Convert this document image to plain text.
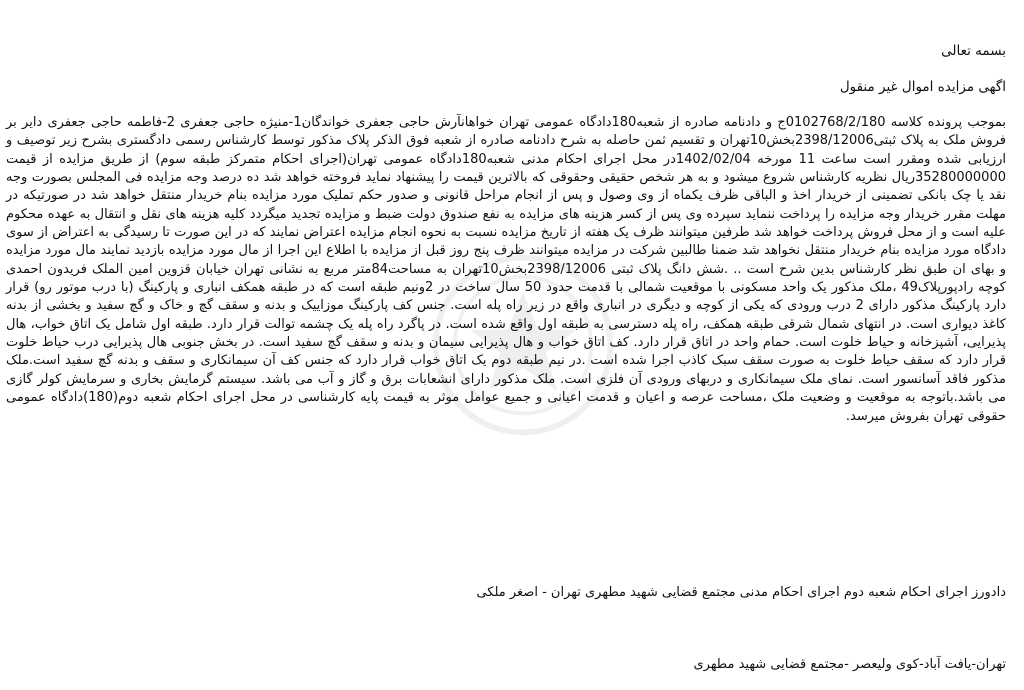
بسمه تعالی
اگهی مزایده اموال غیر منقول

بموجب پرونده کلاسه 0102768/2/180ج و دادنامه صادره از شعبه180دادگاه عمومی تهران خواهانآرش حاجی جعفری خواندگان1-منیژه حاجی جعفری 2-فاطمه حاجی جعفری دایر بر فروش ملک به پلاک ثبتی2398/12006بخش10تهران و تقسیم ثمن حاصله به شرح دادنامه صادره از شعبه فوق الذکر پلاک مذکور توسط کارشناس رسمی دادگستری بشرح زیر توصیف و ارزیابی شده ومقرر است ساعت 11 مورخه 1402/02/04در محل اجرای احکام مدنی شعبه180دادگاه عمومی تهران(اجرای احکام متمرکز طبقه سوم) از طریق مزایده از قیمت 35280000000ریال نظریه کارشناس شروع میشود و به هر شخص حقیقی وحقوقی که بالاترین قیمت را پیشنهاد نماید فروخته خواهد شد ده درصد وجه مزایده فی المجلس بصورت وجه نقد یا چک بانکی تضمینی از خریدار اخذ و الباقی ظرف یکماه از وی وصول و پس از انجام مراحل قانونی و صدور حکم تملیک مورد مزایده بنام خریدار منتقل خواهد شد در صورتیکه در مهلت مقرر خریدار وجه مزایده را پرداخت ننماید سپرده وی پس از کسر هزینه های مزایده به نفع صندوق دولت ضبط و مزایده تجدید میگردد کلیه هزینه های نقل و انتقال به عهده محکوم علیه است و از محل فروش پرداخت خواهد شد طرفین میتوانند ظرف یک هفته از تاریخ مزایده نسبت به نحوه انجام مزایده اعتراض نمایند که در این صورت تا رسیدگی به اعتراض از سوی دادگاه مورد مزایده بنام خریدار منتقل نخواهد شد ضمنا طالبین شرکت در مزایده میتوانند ظرف پنج روز قبل از مزایده با اطلاع این اجرا از مال مورد مزایده بازدید نمایند مال مورد مزایده و بهای ان طبق نظر کارشناس بدین شرح است .. .شش دانگ پلاک ثبتی 2398/12006بخش10تهران به مساحت84متر مربع به نشانی تهران خیابان قزوین امین الملک فریدون احمدی کوچه رادپورپلاک49 ،ملک مذکور یک واحد مسکونی با موقعیت شمالی با قدمت حدود 50 سال ساخت در 2ونیم طبقه است که در طبقه همکف انباری و پارکینگ (با درب موتور رو) قرار دارد پارکینگ مذکور دارای 2 درب ورودی که یکی از کوچه و دیگری در انباری واقع در زیر راه پله است. جنس کف پارکینگ موزاییک و بدنه و سقف گچ و خاک و گچ سفید و بخشی از بدنه کاغذ دیواری است. در انتهای شمال شرقی طبقه همکف، راه پله دسترسی به طبقه اول واقع شده است. در پاگرد راه پله یک چشمه توالت قرار دارد. طبقه اول شامل یک اتاق خواب، هال پذیرایی، آشپزخانه و حیاط خلوت است. حمام واحد در اتاق قرار دارد. کف اتاق خواب و هال پذیرایی سیمان و بدنه و سقف گچ سفید است. در بخش جنوبی هال پذیرایی درب حیاط خلوت قرار دارد که سقف حیاط خلوت به صورت سقف سبک کاذب اجرا شده است .در نیم طبقه دوم یک اتاق خواب قرار دارد که جنس کف آن سیمانکاری و سقف و بدنه گچ سفید است.ملک مذکور فاقد آسانسور است. نمای ملک سیمانکاری و دربهای ورودی آن فلزی است. ملک مذکور دارای انشعابات برق و گاز و آب می باشد. سیستم گرمایش بخاری و سرمایش کولر گازی می باشد.باتوجه به موقعیت و وضعیت ملک ،مساحت عرصه و اعیان و قدمت اعیانی و جمیع عوامل موثر به قیمت پایه کارشناسی در محل اجرای احکام شعبه دوم(180)دادگاه عمومی حقوقی تهران بفروش میرسد.

دادورز اجرای احکام شعبه دوم اجرای احکام مدنی مجتمع قضایی شهید مطهری تهران - اصغر ملکی
تهران-یافت آباد-کوی ولیعصر -مجتمع قضایی شهید مطهری
